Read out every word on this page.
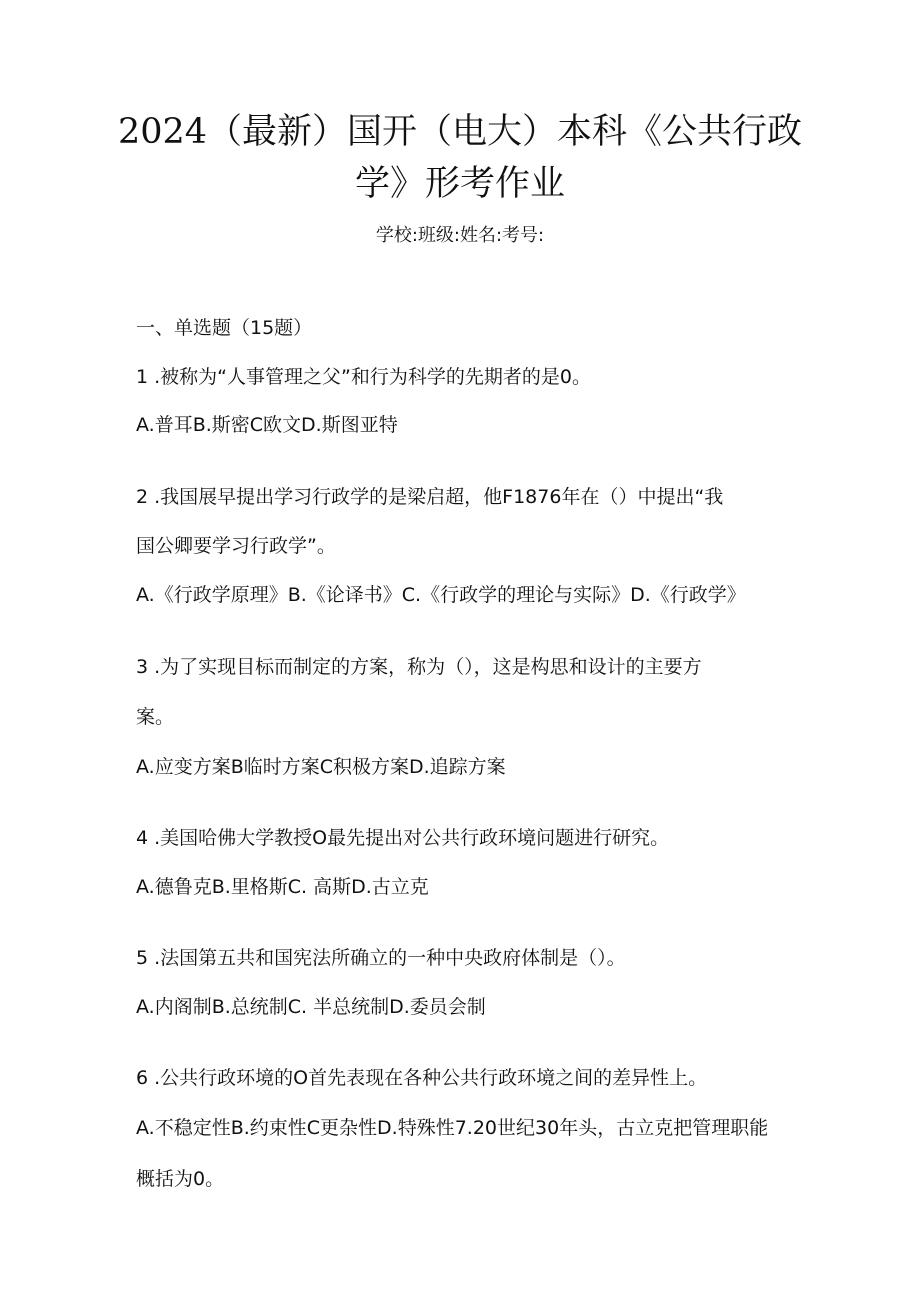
2024（最新）国开（电大）本科《公共行政
学》形考作业
学校:班级:姓名:考号:
一、单选题（15题）
1 .被称为“人事管理之父”和行为科学的先期者的是0。
A.普耳B.斯密C欧文D.斯图亚特
2 .我国展早提出学习行政学的是梁启超，他F1876年在（）中提出“我
国公卿要学习行政学”。
A.《行政学原理》B.《论译书》C.《行政学的理论与实际》D.《行政学》
3 .为了实现目标而制定的方案，称为（），这是构思和设计的主要方
案。
A.应变方案B临时方案C积极方案D.追踪方案
4 .美国哈佛大学教授O最先提出对公共行政环境问题进行研究。
A.德鲁克B.里格斯C. 高斯D.古立克
5 .法国第五共和国宪法所确立的一种中央政府体制是（）。
A.内阁制B.总统制C. 半总统制D.委员会制
6 .公共行政环境的O首先表现在各种公共行政环境之间的差异性上。
A.不稳定性B.约束性C更杂性D.特殊性7.20世纪30年头，古立克把管理职能
概括为0。
